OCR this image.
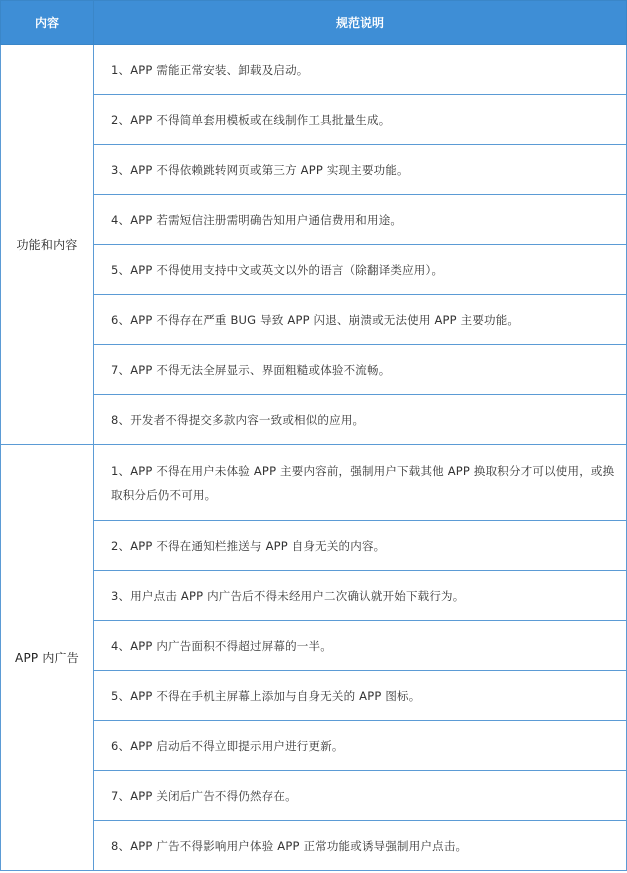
内容	规范说明
功能和内容	1、APP 需能正常安装、卸载及启动。
	2、APP 不得简单套用模板或在线制作工具批量生成。
	3、APP 不得依赖跳转网页或第三方 APP 实现主要功能。
	4、APP 若需短信注册需明确告知用户通信费用和用途。
	5、APP 不得使用支持中文或英文以外的语言（除翻译类应用）。
	6、APP 不得存在严重 BUG 导致 APP 闪退、崩溃或无法使用 APP 主要功能。
	7、APP 不得无法全屏显示、界面粗糙或体验不流畅。
	8、开发者不得提交多款内容一致或相似的应用。
APP 内广告	1、APP 不得在用户未体验 APP 主要内容前，强制用户下载其他 APP 换取积分才可以使用，或换取积分后仍不可用。
	2、APP 不得在通知栏推送与 APP 自身无关的内容。
	3、用户点击 APP 内广告后不得未经用户二次确认就开始下载行为。
	4、APP 内广告面积不得超过屏幕的一半。
	5、APP 不得在手机主屏幕上添加与自身无关的 APP 图标。
	6、APP 启动后不得立即提示用户进行更新。
	7、APP 关闭后广告不得仍然存在。
	8、APP 广告不得影响用户体验 APP 正常功能或诱导强制用户点击。
